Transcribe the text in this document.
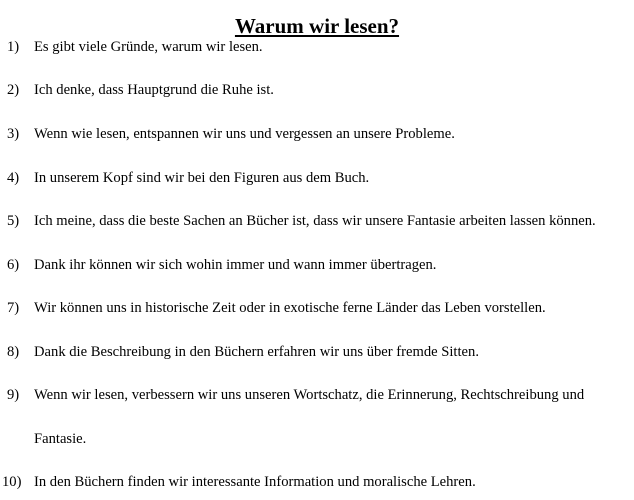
Warum wir lesen?
1) Es gibt viele Gründe, warum wir lesen.
2) Ich denke, dass Hauptgrund die Ruhe ist.
3) Wenn wie lesen, entspannen wir uns und vergessen an unsere Probleme.
4) In unserem Kopf sind wir bei den Figuren aus dem Buch.
5) Ich meine, dass die beste Sachen an Bücher ist, dass wir unsere Fantasie arbeiten lassen können.
6) Dank ihr können wir sich wohin immer und wann immer übertragen.
7) Wir können uns in historische Zeit oder in exotische ferne Länder das Leben vorstellen.
8) Dank die Beschreibung in den Büchern erfahren wir uns über fremde Sitten.
9) Wenn wir lesen, verbessern wir uns unseren Wortschatz, die Erinnerung, Rechtschreibung und
Fantasie.
10) In den Büchern finden wir interessante Information und moralische Lehren.
